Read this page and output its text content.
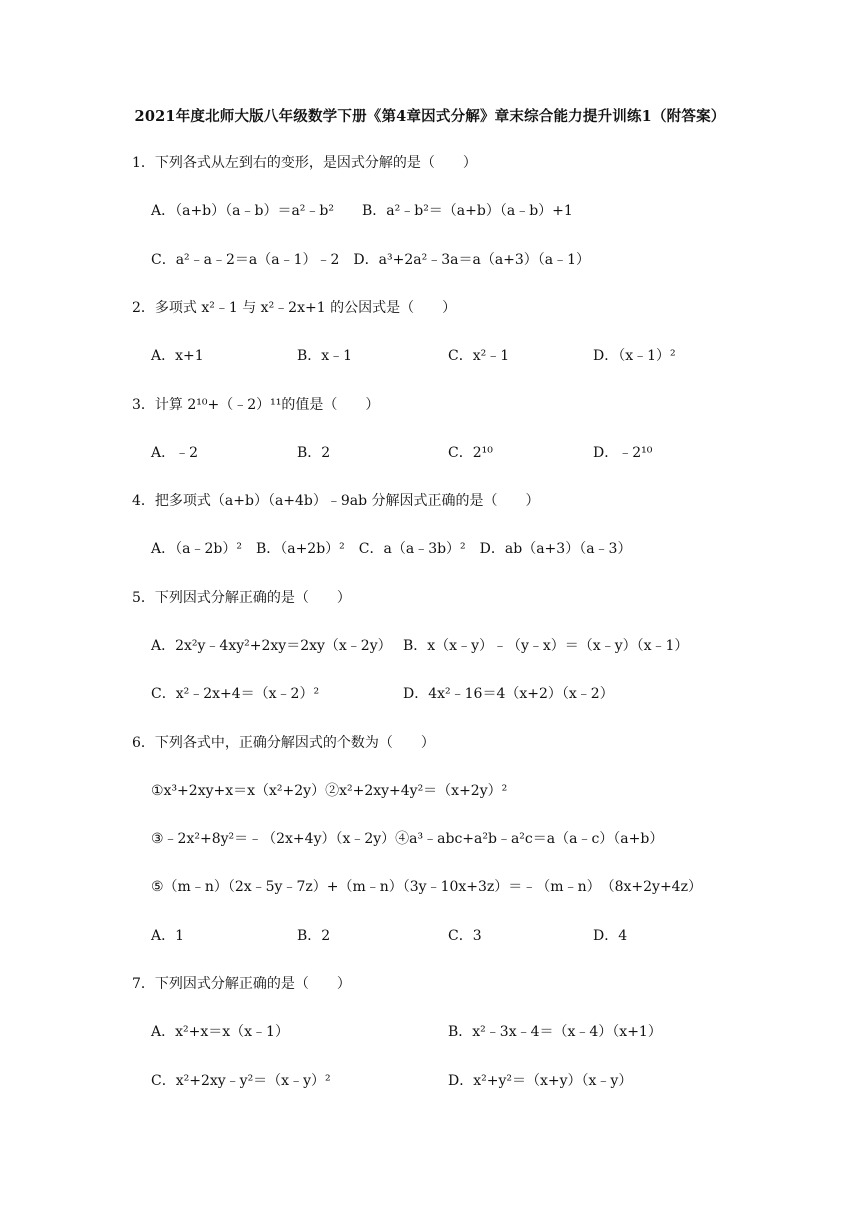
2021年度北师大版八年级数学下册《第4章因式分解》章末综合能力提升训练1（附答案）
1．下列各式从左到右的变形，是因式分解的是（　　）
A．（a+b）（a﹣b）＝a²﹣b²　　B．a²﹣b²＝（a+b）（a﹣b）+1
C．a²﹣a﹣2＝a（a﹣1）﹣2　D．a³+2a²﹣3a＝a（a+3）（a﹣1）
2．多项式 x²﹣1 与 x²﹣2x+1 的公因式是（　　）
A．x+1	B．x﹣1	C．x²﹣1	D．（x﹣1）²
3．计算 2¹⁰+（﹣2）¹¹的值是（　　）
A．﹣2	B．2	C．2¹⁰	D．﹣2¹⁰
4．把多项式（a+b）（a+4b）﹣9ab 分解因式正确的是（　　）
A．（a﹣2b）²　B．（a+2b）²　C．a（a﹣3b）²　D．ab（a+3）（a﹣3）
5．下列因式分解正确的是（　　）
A．2x²y﹣4xy²+2xy＝2xy（x﹣2y） B．x（x﹣y）﹣（y﹣x）＝（x﹣y）（x﹣1）
C．x²﹣2x+4＝（x﹣2）²	D．4x²﹣16＝4（x+2）（x﹣2）
6．下列各式中，正确分解因式的个数为（　　）
①x³+2xy+x＝x（x²+2y）②x²+2xy+4y²＝（x+2y）²
③﹣2x²+8y²＝﹣（2x+4y）（x﹣2y）④a³﹣abc+a²b﹣a²c＝a（a﹣c）（a+b）
⑤（m﹣n）（2x﹣5y﹣7z）+（m﹣n）（3y﹣10x+3z）＝﹣（m﹣n）　（8x+2y+4z）
A．1	B．2	C．3	D．4
7．下列因式分解正确的是（　　）
A．x²+x＝x（x﹣1）	B．x²﹣3x﹣4＝（x﹣4）（x+1）
C．x²+2xy﹣y²＝（x﹣y）²	D．x²+y²＝（x+y）（x﹣y）
